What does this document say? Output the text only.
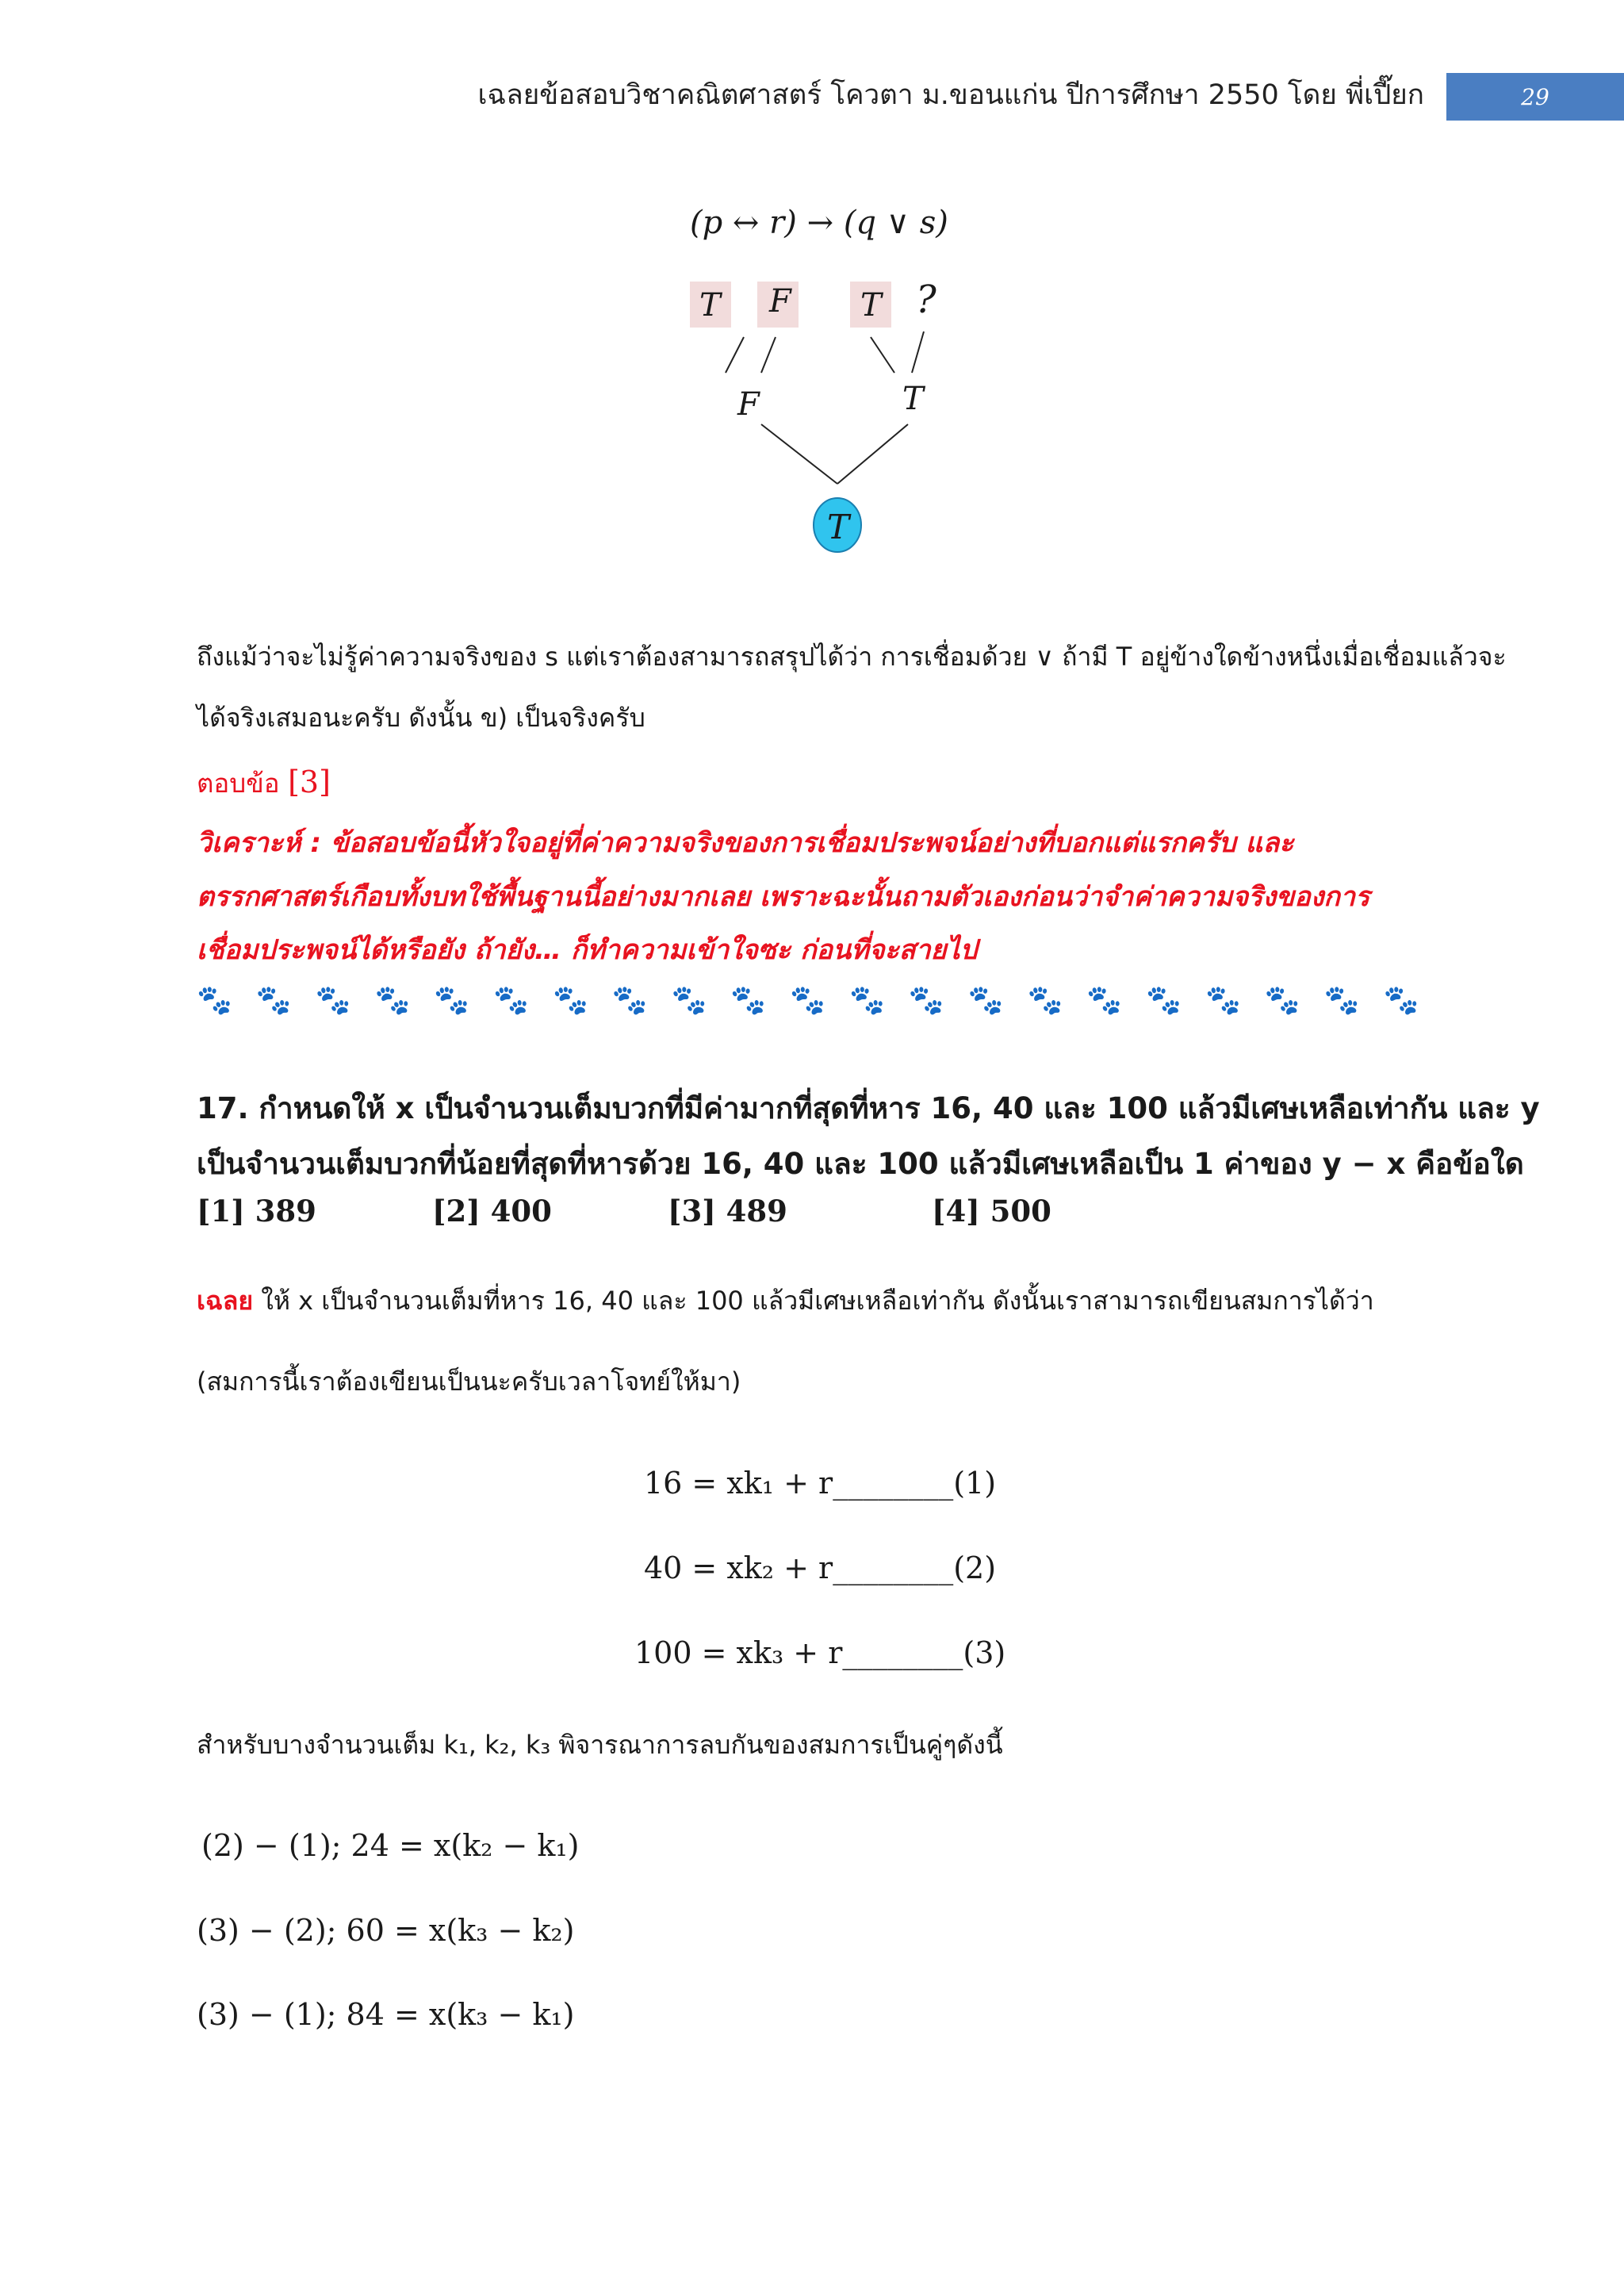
เฉลยข้อสอบวิชาคณิตศาสตร์ โควตา ม.ขอนแก่น ปีการศึกษา 2550 โดย พี่เปี๊ยก	29
(p ↔ r) → (q ∨ s)
T F T ?
F	T
T
ถึงแม้ว่าจะไม่รู้ค่าความจริงของ s แต่เราต้องสามารถสรุปได้ว่า การเชื่อมด้วย ∨ ถ้ามี T อยู่ข้างใดข้างหนึ่งเมื่อเชื่อมแล้วจะ
ได้จริงเสมอนะครับ ดังนั้น ข) เป็นจริงครับ
ตอบข้อ [3]
วิเคราะห์ : ข้อสอบข้อนี้หัวใจอยู่ที่ค่าความจริงของการเชื่อมประพจน์อย่างที่บอกแต่แรกครับ และ
ตรรกศาสตร์เกือบทั้งบทใช้พื้นฐานนี้อย่างมากเลย เพราะฉะนั้นถามตัวเองก่อนว่าจำค่าความจริงของการ
เชื่อมประพจน์ได้หรือยัง ถ้ายัง… ก็ทำความเข้าใจซะ ก่อนที่จะสายไป
🐾🐾🐾🐾🐾🐾🐾🐾🐾🐾🐾🐾🐾🐾🐾🐾🐾🐾🐾🐾🐾
17. กำหนดให้ x เป็นจำนวนเต็มบวกที่มีค่ามากที่สุดที่หาร 16, 40 และ 100 แล้วมีเศษเหลือเท่ากัน และ y
เป็นจำนวนเต็มบวกที่น้อยที่สุดที่หารด้วย 16, 40 และ 100 แล้วมีเศษเหลือเป็น 1 ค่าของ y − x คือข้อใด
[1] 389	[2] 400	[3] 489	[4] 500
เฉลย ให้ x เป็นจำนวนเต็มที่หาร 16, 40 และ 100 แล้วมีเศษเหลือเท่ากัน ดังนั้นเราสามารถเขียนสมการได้ว่า
(สมการนี้เราต้องเขียนเป็นนะครับเวลาโจทย์ให้มา)
16 = xk₁ + r________(1)
40 = xk₂ + r________(2)
100 = xk₃ + r________(3)
สำหรับบางจำนวนเต็ม k₁, k₂, k₃ พิจารณาการลบกันของสมการเป็นคู่ๆดังนี้
(2) − (1); 24 = x(k₂ − k₁)
(3) − (2); 60 = x(k₃ − k₂)
(3) − (1); 84 = x(k₃ − k₁)
